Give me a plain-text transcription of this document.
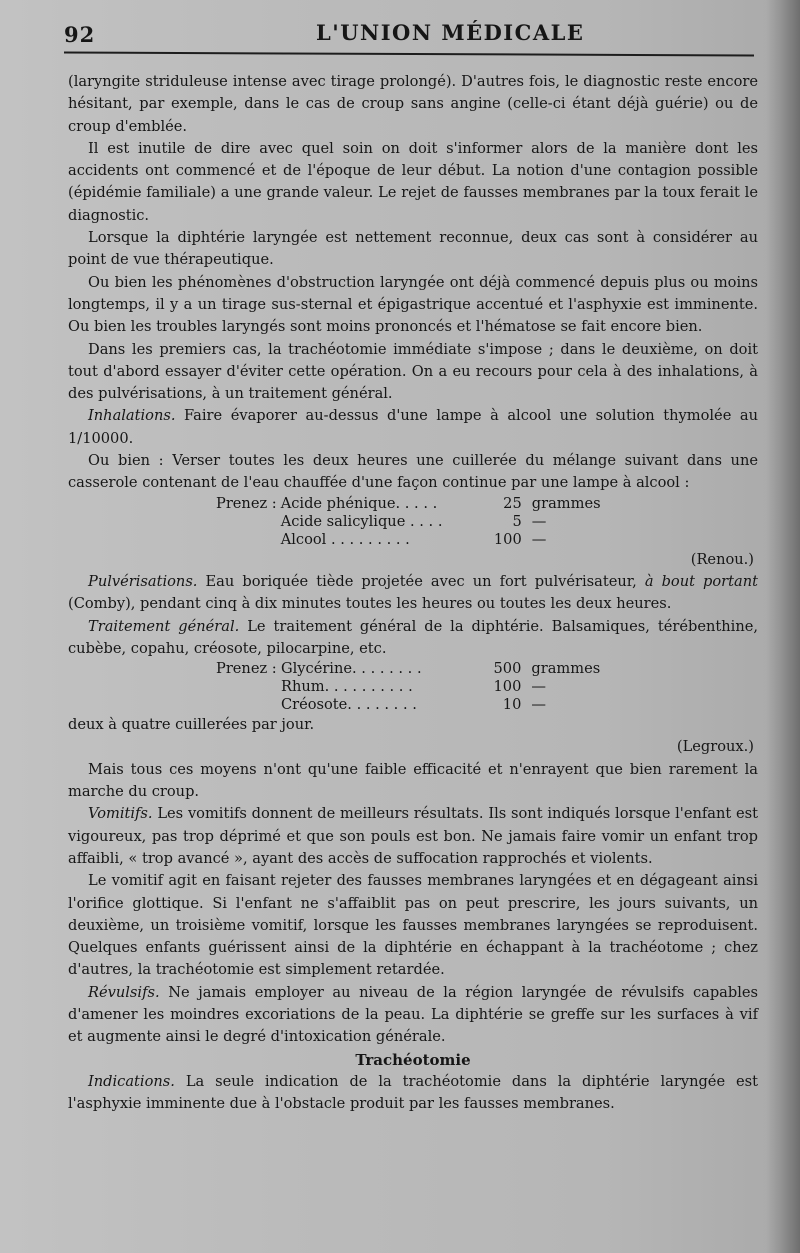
92	L'UNION MÉDICALE

(laryngite striduleuse intense avec tirage prolongé). D'autres fois, le diagnostic reste encore hésitant, par exemple, dans le cas de croup sans angine (celle-ci étant déjà guérie) ou de croup d'emblée.

Il est inutile de dire avec quel soin on doit s'informer alors de la manière dont les accidents ont commencé et de l'époque de leur début. La notion d'une contagion possible (épidémie familiale) a une grande valeur. Le rejet de fausses membranes par la toux ferait le diagnostic.

Lorsque la diphtérie laryngée est nettement reconnue, deux cas sont à considérer au point de vue thérapeutique.

Ou bien les phénomènes d'obstruction laryngée ont déjà commencé depuis plus ou moins longtemps, il y a un tirage sus-sternal et épigastrique accentué et l'asphyxie est imminente. Ou bien les troubles laryngés sont moins prononcés et l'hématose se fait encore bien.

Dans les premiers cas, la trachéotomie immédiate s'impose ; dans le deuxième, on doit tout d'abord essayer d'éviter cette opération. On a eu recours pour cela à des inhalations, à des pulvérisations, à un traitement général.

Inhalations. Faire évaporer au-dessus d'une lampe à alcool une solution thymolée au 1/10000.

Ou bien : Verser toutes les deux heures une cuillerée du mélange suivant dans une casserole contenant de l'eau chauffée d'une façon continue par une lampe à alcool :

Prenez :	Acide phénique. . . . .	25	grammes
	Acide salicylique . . . .	5	—
	Alcool . . . . . . . . .	100	—

(Renou.)

Pulvérisations. Eau boriquée tiède projetée avec un fort pulvérisateur, à bout portant (Comby), pendant cinq à dix minutes toutes les heures ou toutes les deux heures.

Traitement général. Le traitement général de la diphtérie. Balsamiques, térébenthine, cubèbe, copahu, créosote, pilocarpine, etc.

Prenez :	Glycérine. . . . . . . .	500	grammes
	Rhum. . . . . . . . . .	100	—
	Créosote. . . . . . . .	10	—

deux à quatre cuillerées par jour.

(Legroux.)

Mais tous ces moyens n'ont qu'une faible efficacité et n'enrayent que bien rarement la marche du croup.

Vomitifs. Les vomitifs donnent de meilleurs résultats. Ils sont indiqués lorsque l'enfant est vigoureux, pas trop déprimé et que son pouls est bon. Ne jamais faire vomir un enfant trop affaibli, « trop avancé », ayant des accès de suffocation rapprochés et violents.

Le vomitif agit en faisant rejeter des fausses membranes laryngées et en dégageant ainsi l'orifice glottique. Si l'enfant ne s'affaiblit pas on peut prescrire, les jours suivants, un deuxième, un troisième vomitif, lorsque les fausses membranes laryngées se reproduisent. Quelques enfants guérissent ainsi de la diphtérie en échappant à la trachéotome ; chez d'autres, la trachéotomie est simplement retardée.

Révulsifs. Ne jamais employer au niveau de la région laryngée de révulsifs capables d'amener les moindres excoriations de la peau. La diphtérie se greffe sur les surfaces à vif et augmente ainsi le degré d'intoxication générale.

Trachéotomie

Indications. La seule indication de la trachéotomie dans la diphtérie laryngée est l'asphyxie imminente due à l'obstacle produit par les fausses membranes.
